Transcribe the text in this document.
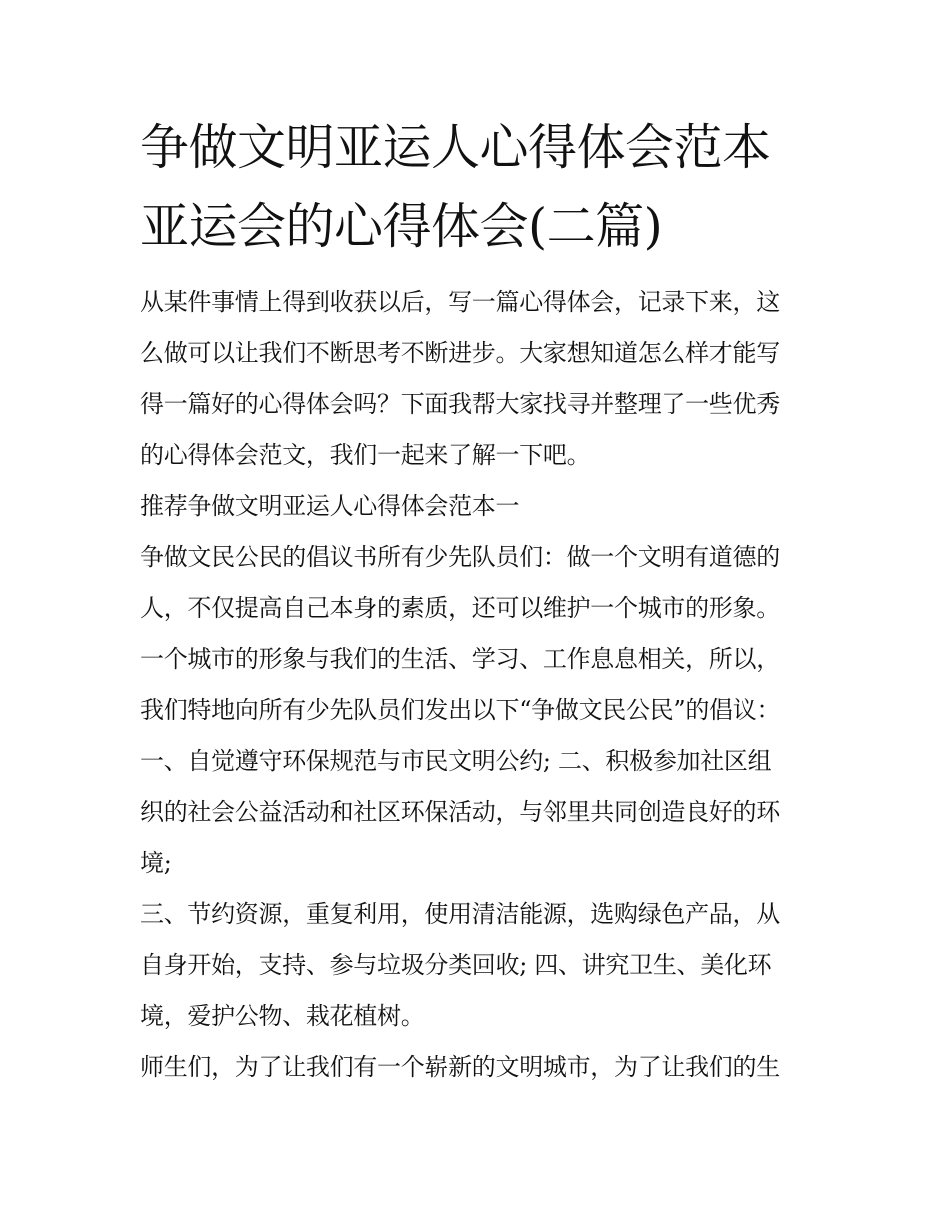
争做文明亚运人心得体会范本
亚运会的心得体会(二篇)

从某件事情上得到收获以后，写一篇心得体会，记录下来，这

么做可以让我们不断思考不断进步。大家想知道怎么样才能写

得一篇好的心得体会吗？下面我帮大家找寻并整理了一些优秀

的心得体会范文，我们一起来了解一下吧。

推荐争做文明亚运人心得体会范本一

争做文民公民的倡议书所有少先队员们：做一个文明有道德的

人，不仅提高自己本身的素质，还可以维护一个城市的形象。

一个城市的形象与我们的生活、学习、工作息息相关，所以，

我们特地向所有少先队员们发出以下“争做文民公民”的倡议：

一、自觉遵守环保规范与市民文明公约; 二、积极参加社区组

织的社会公益活动和社区环保活动，与邻里共同创造良好的环

境;

三、节约资源，重复利用，使用清洁能源，选购绿色产品，从

自身开始，支持、参与垃圾分类回收; 四、讲究卫生、美化环

境，爱护公物、栽花植树。

师生们，为了让我们有一个崭新的文明城市，为了让我们的生
